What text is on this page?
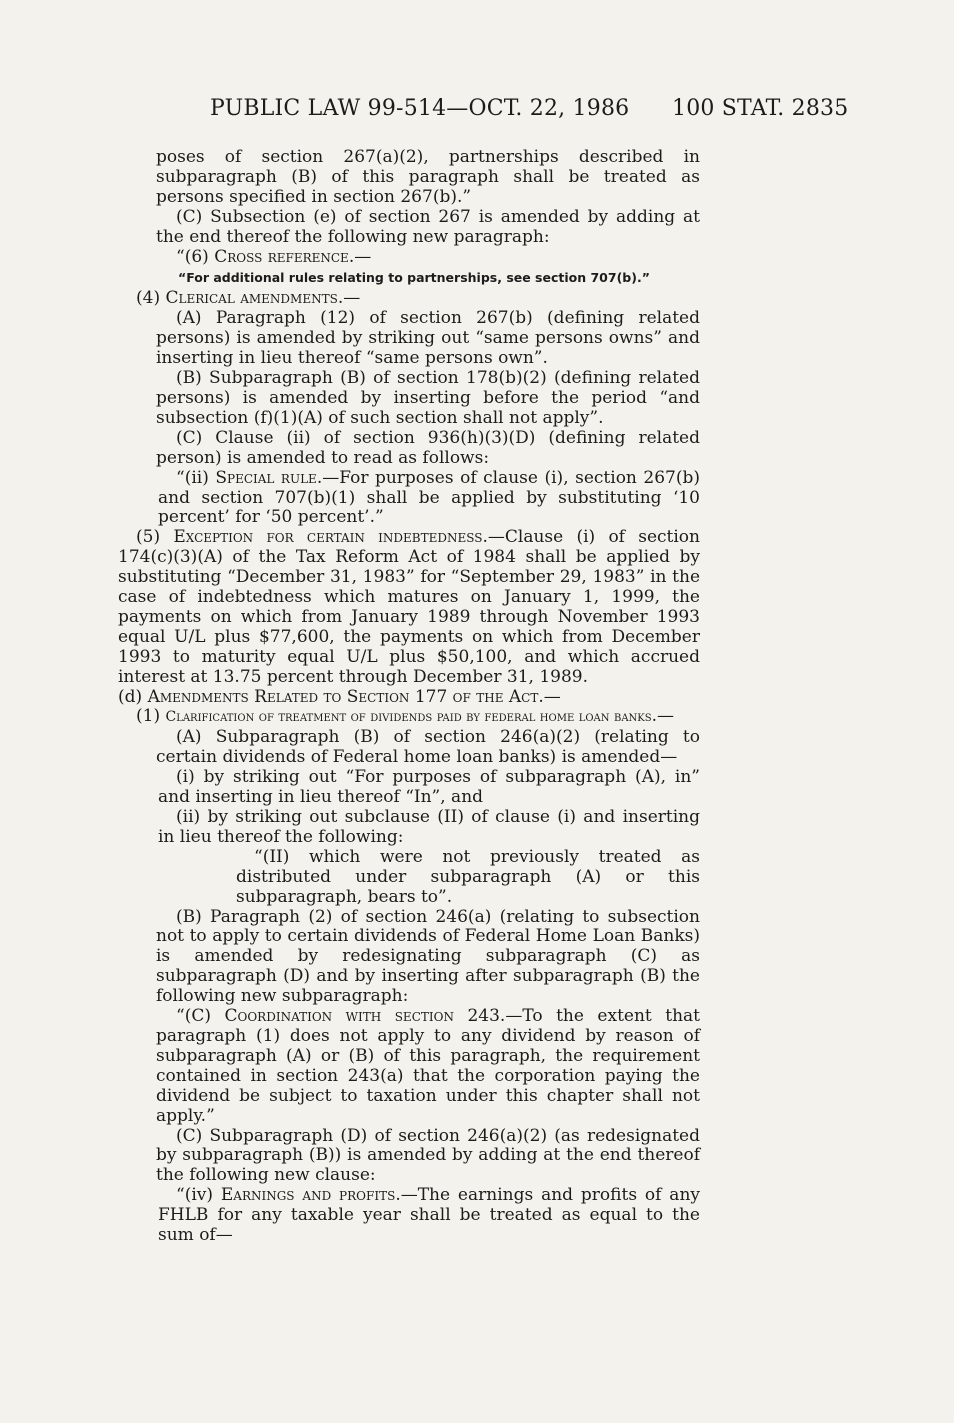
PUBLIC LAW 99-514—OCT. 22, 1986 100 STAT. 2835

poses of section 267(a)(2), partnerships described in subparagraph (B) of this paragraph shall be treated as persons specified in section 267(b).”

(C) Subsection (e) of section 267 is amended by adding at the end thereof the following new paragraph:

“(6) Cross reference.—

“For additional rules relating to partnerships, see section 707(b).”

(4) Clerical amendments.—

(A) Paragraph (12) of section 267(b) (defining related persons) is amended by striking out “same persons owns” and inserting in lieu thereof “same persons own”.

(B) Subparagraph (B) of section 178(b)(2) (defining related persons) is amended by inserting before the period “and subsection (f)(1)(A) of such section shall not apply”.

(C) Clause (ii) of section 936(h)(3)(D) (defining related person) is amended to read as follows:

“(ii) Special rule.—For purposes of clause (i), section 267(b) and section 707(b)(1) shall be applied by substituting ‘10 percent’ for ‘50 percent’.”

(5) Exception for certain indebtedness.—Clause (i) of section 174(c)(3)(A) of the Tax Reform Act of 1984 shall be applied by substituting “December 31, 1983” for “September 29, 1983” in the case of indebtedness which matures on January 1, 1999, the payments on which from January 1989 through November 1993 equal U/L plus $77,600, the payments on which from December 1993 to maturity equal U/L plus $50,100, and which accrued interest at 13.75 percent through December 31, 1989.

(d) Amendments Related to Section 177 of the Act.—

(1) Clarification of treatment of dividends paid by federal home loan banks.—

(A) Subparagraph (B) of section 246(a)(2) (relating to certain dividends of Federal home loan banks) is amended—

(i) by striking out “For purposes of subparagraph (A), in” and inserting in lieu thereof “In”, and

(ii) by striking out subclause (II) of clause (i) and inserting in lieu thereof the following:

“(II) which were not previously treated as distributed under subparagraph (A) or this subparagraph, bears to”.

(B) Paragraph (2) of section 246(a) (relating to subsection not to apply to certain dividends of Federal Home Loan Banks) is amended by redesignating subparagraph (C) as subparagraph (D) and by inserting after subparagraph (B) the following new subparagraph:

“(C) Coordination with section 243.—To the extent that paragraph (1) does not apply to any dividend by reason of subparagraph (A) or (B) of this paragraph, the requirement contained in section 243(a) that the corporation paying the dividend be subject to taxation under this chapter shall not apply.”

(C) Subparagraph (D) of section 246(a)(2) (as redesignated by subparagraph (B)) is amended by adding at the end thereof the following new clause:

“(iv) Earnings and profits.—The earnings and profits of any FHLB for any taxable year shall be treated as equal to the sum of—
